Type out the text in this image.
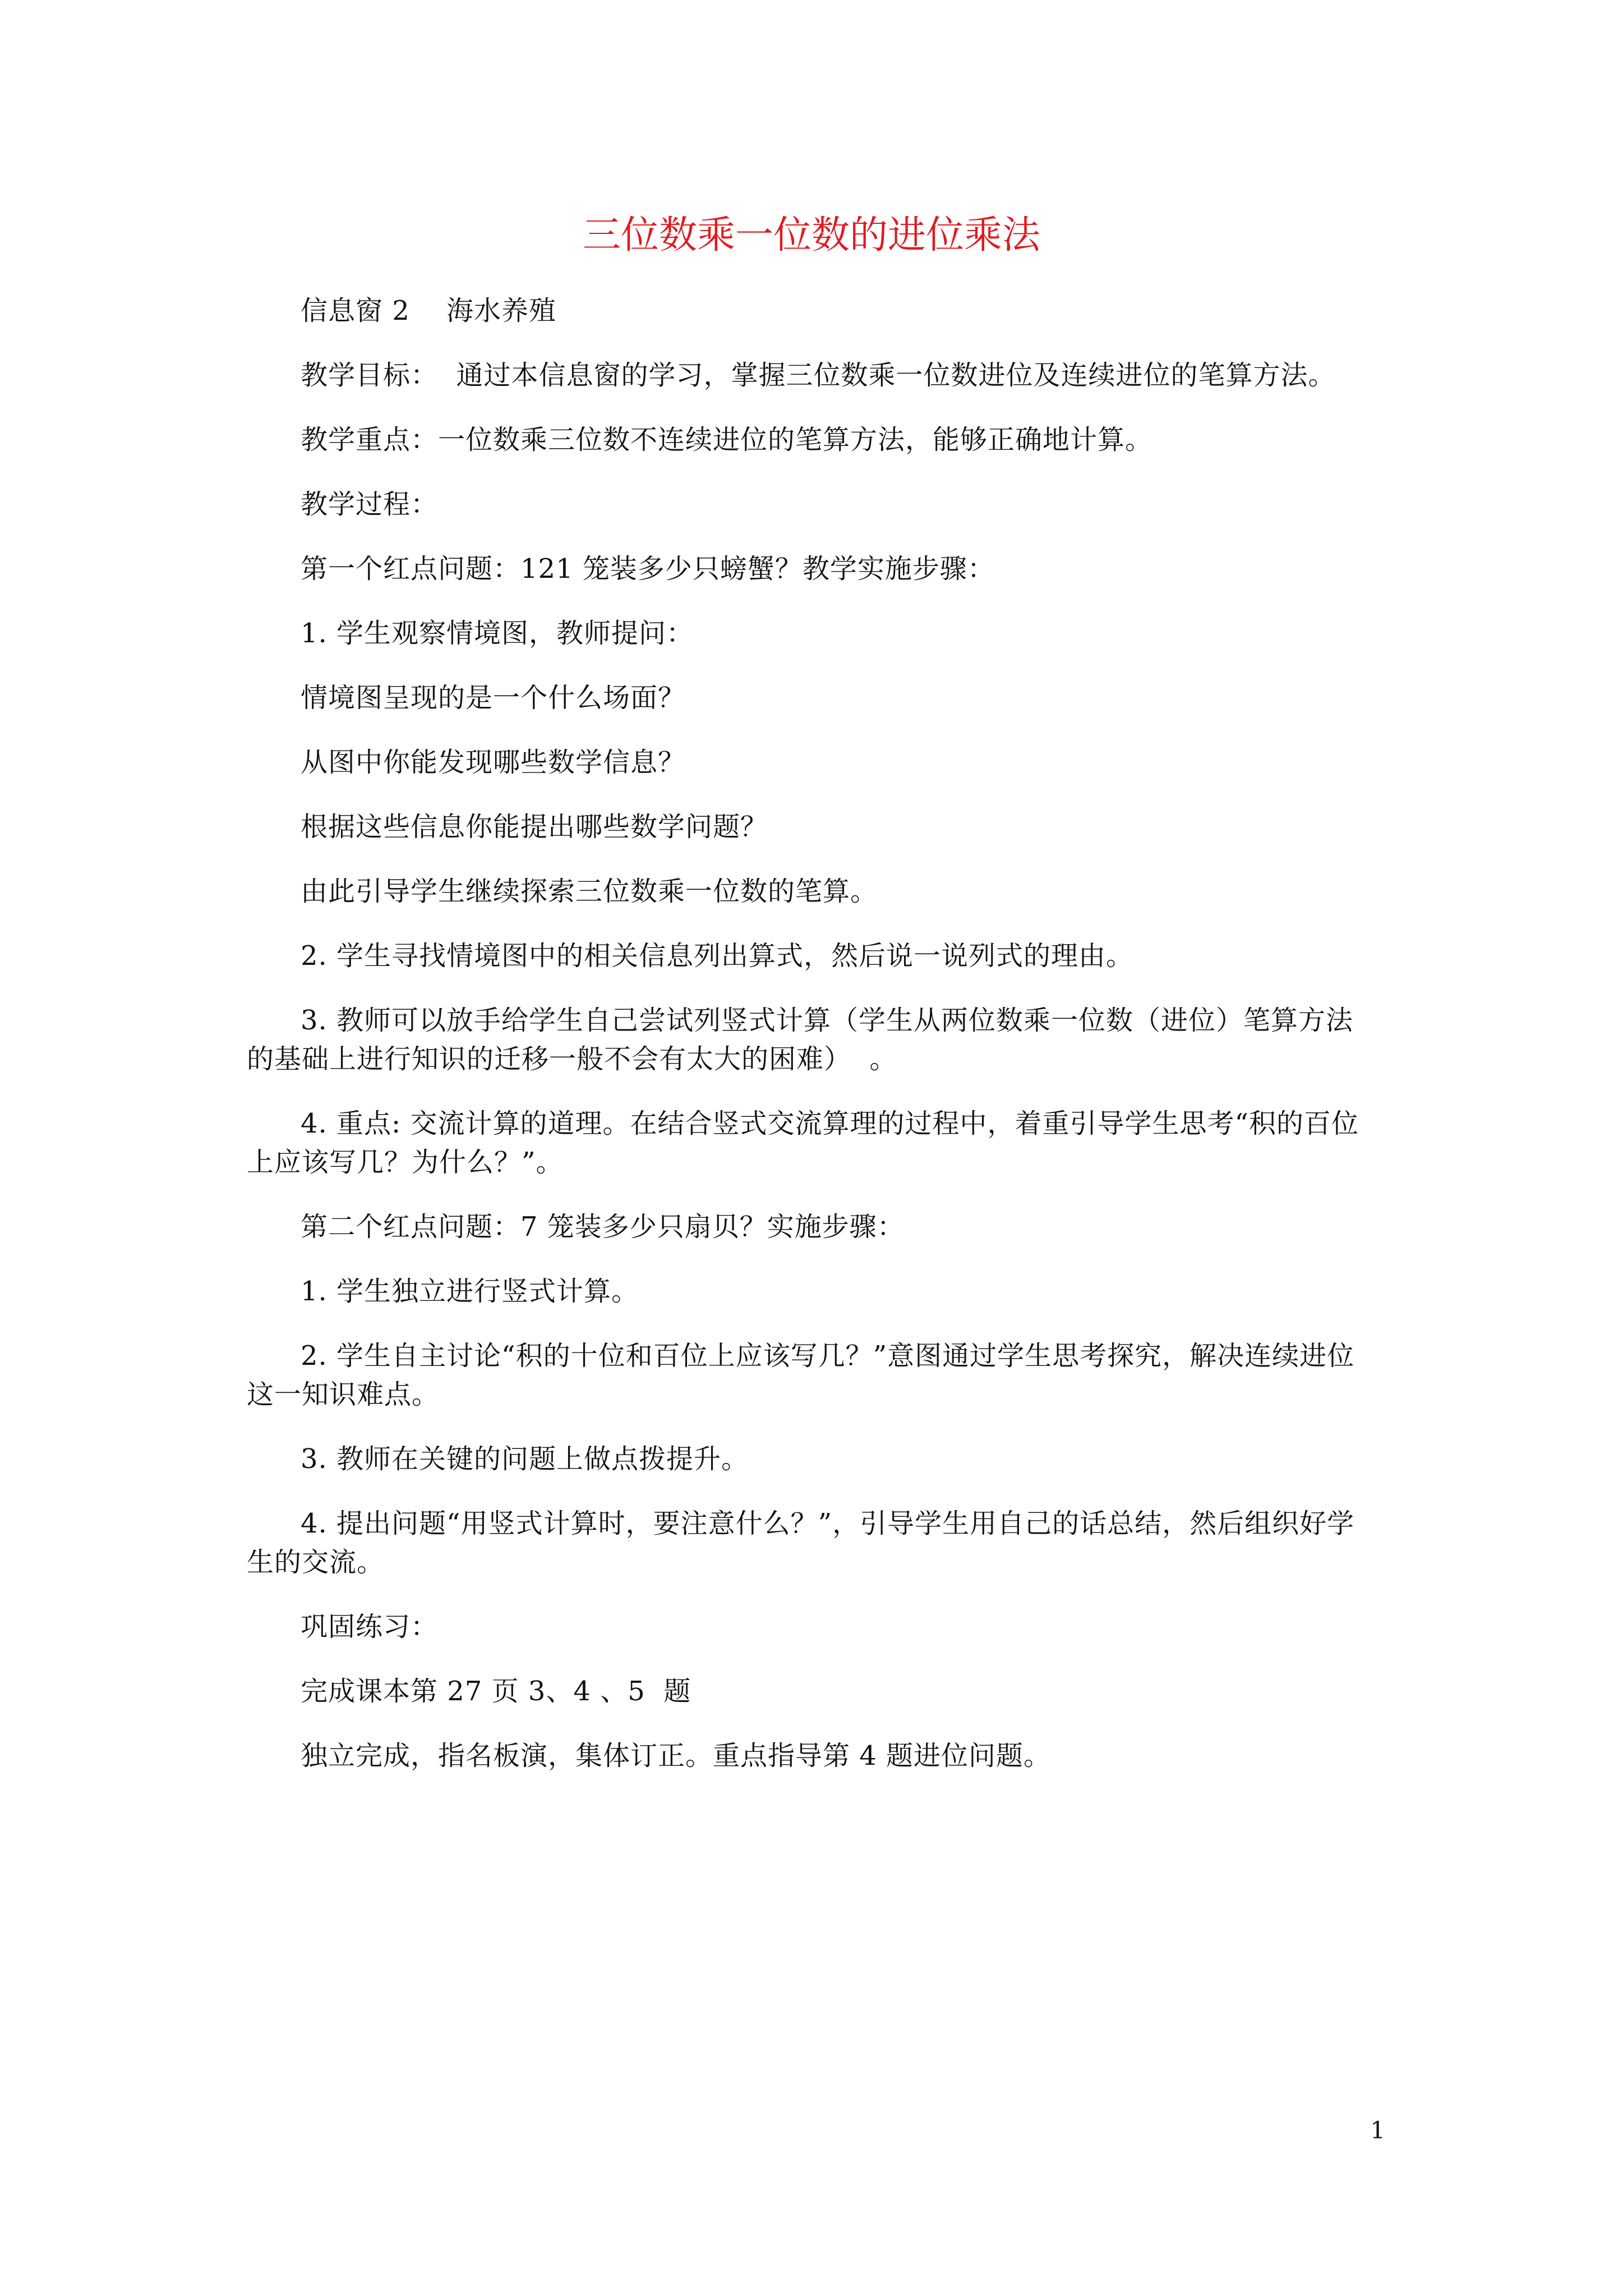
三位数乘一位数的进位乘法

信息窗 2　 海水养殖

教学目标：  通过本信息窗的学习，掌握三位数乘一位数进位及连续进位的笔算方法。

教学重点：一位数乘三位数不连续进位的笔算方法，能够正确地计算。

教学过程：

第一个红点问题：121 笼装多少只螃蟹？教学实施步骤：

1. 学生观察情境图，教师提问：

情境图呈现的是一个什么场面？

从图中你能发现哪些数学信息？

根据这些信息你能提出哪些数学问题？

由此引导学生继续探索三位数乘一位数的笔算。

2. 学生寻找情境图中的相关信息列出算式，然后说一说列式的理由。

3. 教师可以放手给学生自己尝试列竖式计算（学生从两位数乘一位数（进位）笔算方法的基础上进行知识的迁移一般不会有太大的困难）  。

4. 重点: 交流计算的道理。在结合竖式交流算理的过程中，着重引导学生思考“积的百位上应该写几？为什么？”。

第二个红点问题：7 笼装多少只扇贝？实施步骤：

1. 学生独立进行竖式计算。

2. 学生自主讨论“积的十位和百位上应该写几？”意图通过学生思考探究，解决连续进位这一知识难点。

3. 教师在关键的问题上做点拨提升。

4. 提出问题“用竖式计算时，要注意什么？”，引导学生用自己的话总结，然后组织好学生的交流。

巩固练习：

完成课本第 27 页 3、4 、5  题

独立完成，指名板演，集体订正。重点指导第 4 题进位问题。

1
